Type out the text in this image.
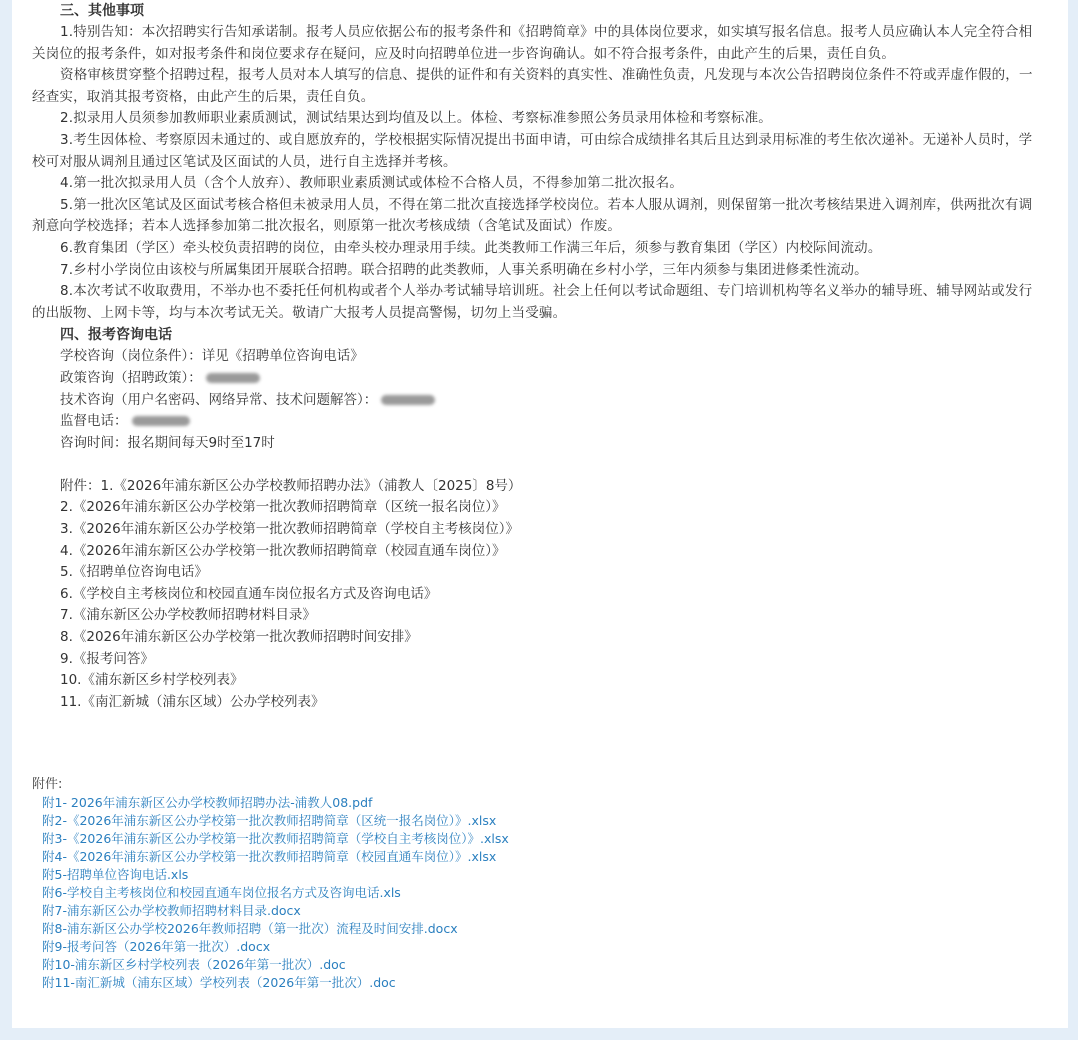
三、其他事项

1.特别告知：本次招聘实行告知承诺制。报考人员应依据公布的报考条件和《招聘简章》中的具体岗位要求，如实填写报名信息。报考人员应确认本人完全符合相关岗位的报考条件，如对报考条件和岗位要求存在疑问，应及时向招聘单位进一步咨询确认。如不符合报考条件，由此产生的后果，责任自负。

资格审核贯穿整个招聘过程，报考人员对本人填写的信息、提供的证件和有关资料的真实性、准确性负责，凡发现与本次公告招聘岗位条件不符或弄虚作假的，一经查实，取消其报考资格，由此产生的后果，责任自负。

2.拟录用人员须参加教师职业素质测试，测试结果达到均值及以上。体检、考察标准参照公务员录用体检和考察标准。

3.考生因体检、考察原因未通过的、或自愿放弃的，学校根据实际情况提出书面申请，可由综合成绩排名其后且达到录用标准的考生依次递补。无递补人员时，学校可对服从调剂且通过区笔试及区面试的人员，进行自主选择并考核。

4.第一批次拟录用人员（含个人放弃）、教师职业素质测试或体检不合格人员，不得参加第二批次报名。

5.第一批次区笔试及区面试考核合格但未被录用人员，不得在第二批次直接选择学校岗位。若本人服从调剂，则保留第一批次考核结果进入调剂库，供两批次有调剂意向学校选择；若本人选择参加第二批次报名，则原第一批次考核成绩（含笔试及面试）作废。

6.教育集团（学区）牵头校负责招聘的岗位，由牵头校办理录用手续。此类教师工作满三年后，须参与教育集团（学区）内校际间流动。

7.乡村小学岗位由该校与所属集团开展联合招聘。联合招聘的此类教师，人事关系明确在乡村小学，三年内须参与集团进修柔性流动。

8.本次考试不收取费用，不举办也不委托任何机构或者个人举办考试辅导培训班。社会上任何以考试命题组、专门培训机构等名义举办的辅导班、辅导网站或发行的出版物、上网卡等，均与本次考试无关。敬请广大报考人员提高警惕，切勿上当受骗。

四、报考咨询电话

学校咨询（岗位条件）：详见《招聘单位咨询电话》

政策咨询（招聘政策）：

技术咨询（用户名密码、网络异常、技术问题解答）：

监督电话：

咨询时间：报名期间每天9时至17时

附件：1.《2026年浦东新区公办学校教师招聘办法》（浦教人〔2025〕8号）

2.《2026年浦东新区公办学校第一批次教师招聘简章（区统一报名岗位）》

3.《2026年浦东新区公办学校第一批次教师招聘简章（学校自主考核岗位）》

4.《2026年浦东新区公办学校第一批次教师招聘简章（校园直通车岗位）》

5.《招聘单位咨询电话》

6.《学校自主考核岗位和校园直通车岗位报名方式及咨询电话》

7.《浦东新区公办学校教师招聘材料目录》

8.《2026年浦东新区公办学校第一批次教师招聘时间安排》

9.《报考问答》

10.《浦东新区乡村学校列表》

11.《南汇新城（浦东区域）公办学校列表》

附件:
附1- 2026年浦东新区公办学校教师招聘办法-浦教人08.pdf
附2-《2026年浦东新区公办学校第一批次教师招聘简章（区统一报名岗位）》.xlsx
附3-《2026年浦东新区公办学校第一批次教师招聘简章（学校自主考核岗位）》.xlsx
附4-《2026年浦东新区公办学校第一批次教师招聘简章（校园直通车岗位）》.xlsx
附5-招聘单位咨询电话.xls
附6-学校自主考核岗位和校园直通车岗位报名方式及咨询电话.xls
附7-浦东新区公办学校教师招聘材料目录.docx
附8-浦东新区公办学校2026年教师招聘（第一批次）流程及时间安排.docx
附9-报考问答（2026年第一批次）.docx
附10-浦东新区乡村学校列表（2026年第一批次）.doc
附11-南汇新城（浦东区域）学校列表（2026年第一批次）.doc
